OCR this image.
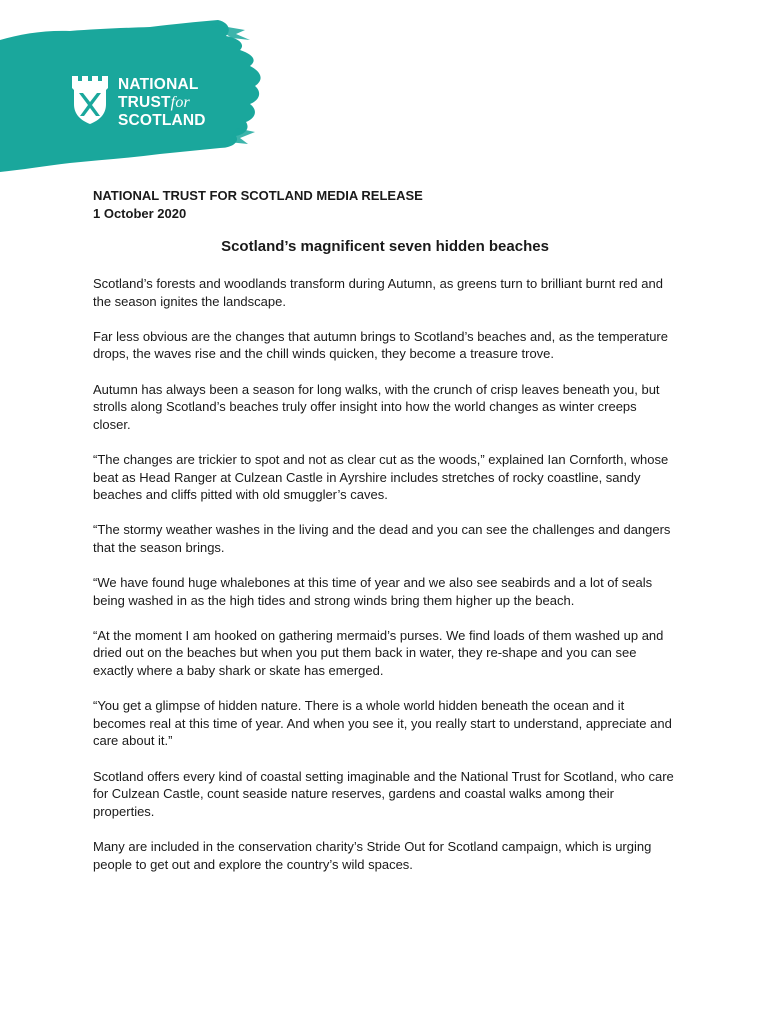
NATIONAL
TRUSTfor
SCOTLAND
NATIONAL TRUST FOR SCOTLAND MEDIA RELEASE
1 October 2020
Scotland’s magnificent seven hidden beaches

Scotland’s forests and woodlands transform during Autumn, as greens turn to brilliant burnt red and the season ignites the landscape.

Far less obvious are the changes that autumn brings to Scotland’s beaches and, as the temperature drops, the waves rise and the chill winds quicken, they become a treasure trove.

Autumn has always been a season for long walks, with the crunch of crisp leaves beneath you, but strolls along Scotland’s beaches truly offer insight into how the world changes as winter creeps closer.

“The changes are trickier to spot and not as clear cut as the woods,” explained Ian Cornforth, whose beat as Head Ranger at Culzean Castle in Ayrshire includes stretches of rocky coastline, sandy beaches and cliffs pitted with old smuggler’s caves.

“The stormy weather washes in the living and the dead and you can see the challenges and dangers that the season brings.

“We have found huge whalebones at this time of year and we also see seabirds and a lot of seals being washed in as the high tides and strong winds bring them higher up the beach.

“At the moment I am hooked on gathering mermaid’s purses. We find loads of them washed up and dried out on the beaches but when you put them back in water, they re-shape and you can see exactly where a baby shark or skate has emerged.

“You get a glimpse of hidden nature. There is a whole world hidden beneath the ocean and it becomes real at this time of year. And when you see it, you really start to understand, appreciate and care about it.”

Scotland offers every kind of coastal setting imaginable and the National Trust for Scotland, who care for Culzean Castle, count seaside nature reserves, gardens and coastal walks among their properties.

Many are included in the conservation charity’s Stride Out for Scotland campaign, which is urging people to get out and explore the country’s wild spaces.
